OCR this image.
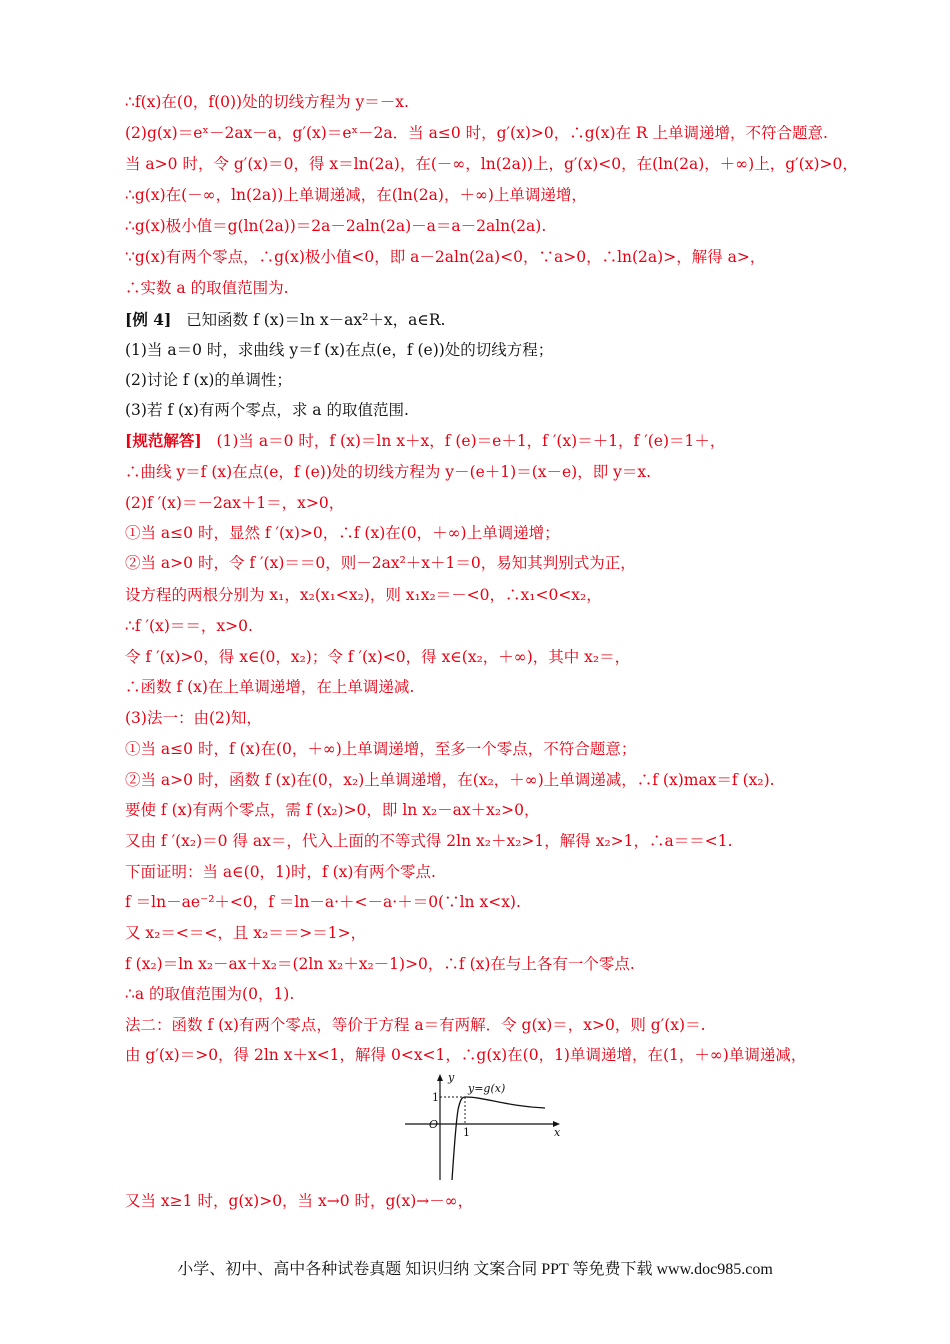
∴f(x)在(0，f(0))处的切线方程为 y＝－x.
(2)g(x)＝eˣ－2ax－a，g′(x)＝eˣ－2a．当 a≤0 时，g′(x)>0，∴g(x)在 R 上单调递增，不符合题意.
当 a>0 时，令 g′(x)＝0，得 x＝ln(2a)，在(－∞，ln(2a))上，g′(x)<0，在(ln(2a)，＋∞)上，g′(x)>0，
∴g(x)在(－∞，ln(2a))上单调递减，在(ln(2a)，＋∞)上单调递增，
∴g(x)极小值＝g(ln(2a))＝2a－2aln(2a)－a＝a－2aln(2a).
∵g(x)有两个零点，∴g(x)极小值<0，即 a－2aln(2a)<0，∵a>0，∴ln(2a)>，解得 a>，
∴实数 a 的取值范围为.
[例 4] 已知函数 f (x)＝ln x－ax²＋x，a∈R.
(1)当 a＝0 时，求曲线 y＝f (x)在点(e，f (e))处的切线方程；
(2)讨论 f (x)的单调性；
(3)若 f (x)有两个零点，求 a 的取值范围.
[规范解答] (1)当 a＝0 时，f (x)＝ln x＋x，f (e)＝e＋1，f ′(x)＝＋1，f ′(e)＝1＋，
∴曲线 y＝f (x)在点(e，f (e))处的切线方程为 y－(e＋1)＝(x－e)，即 y＝x.
(2)f ′(x)＝－2ax＋1＝，x>0，
①当 a≤0 时，显然 f ′(x)>0，∴f (x)在(0，＋∞)上单调递增；
②当 a>0 时，令 f ′(x)＝＝0，则－2ax²＋x＋1＝0，易知其判别式为正，
设方程的两根分别为 x₁，x₂(x₁<x₂)，则 x₁x₂＝－<0，∴x₁<0<x₂，
∴f ′(x)＝＝，x>0.
令 f ′(x)>0，得 x∈(0，x₂)；令 f ′(x)<0，得 x∈(x₂，＋∞)，其中 x₂＝，
∴函数 f (x)在上单调递增，在上单调递减.
(3)法一：由(2)知，
①当 a≤0 时，f (x)在(0，＋∞)上单调递增，至多一个零点，不符合题意；
②当 a>0 时，函数 f (x)在(0，x₂)上单调递增，在(x₂，＋∞)上单调递减，∴f (x)max＝f (x₂).
要使 f (x)有两个零点，需 f (x₂)>0，即 ln x₂－ax＋x₂>0，
又由 f ′(x₂)＝0 得 ax＝，代入上面的不等式得 2ln x₂＋x₂>1，解得 x₂>1，∴a＝＝<1.
下面证明：当 a∈(0，1)时，f (x)有两个零点.
f ＝ln－ae⁻²＋<0，f ＝ln－a·＋<－a·＋＝0(∵ln x<x).
又 x₂＝<＝<，且 x₂＝＝>＝1>，
f (x₂)＝ln x₂－ax＋x₂＝(2ln x₂＋x₂－1)>0，∴f (x)在与上各有一个零点.
∴a 的取值范围为(0，1).
法二：函数 f (x)有两个零点，等价于方程 a＝有两解．令 g(x)＝，x>0，则 g′(x)＝.
由 g′(x)＝>0，得 2ln x＋x<1，解得 0<x<1，∴g(x)在(0，1)单调递增，在(1，＋∞)单调递减，
y
x
O
1
1
y=g(x)
又当 x≥1 时，g(x)>0，当 x→0 时，g(x)→－∞，
小学、初中、高中各种试卷真题 知识归纳 文案合同 PPT 等免费下载 www.doc985.com
